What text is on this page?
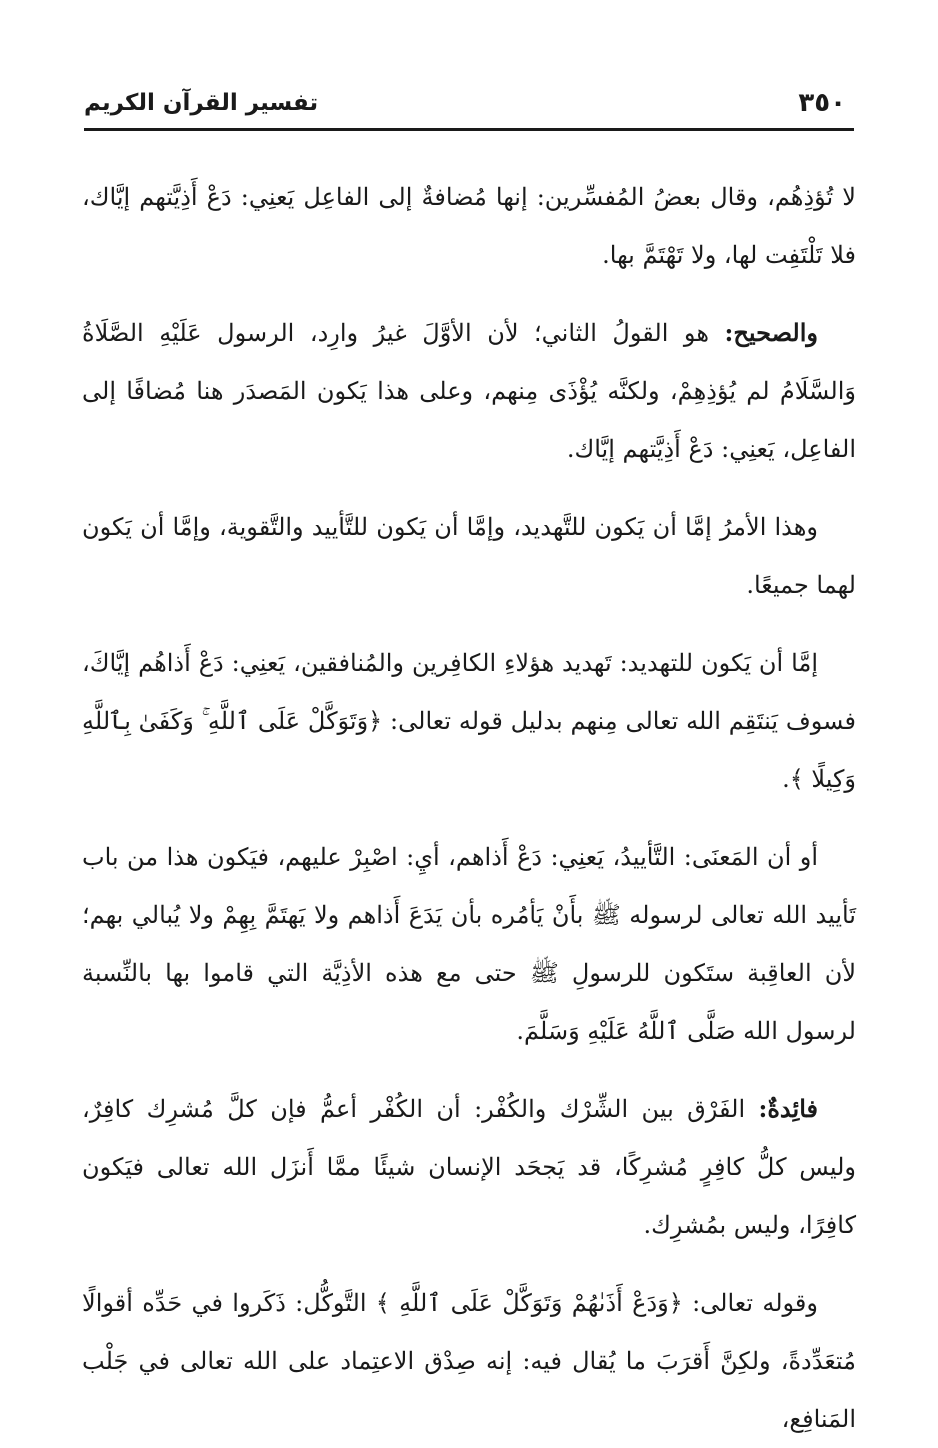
٣٥٠
تفسير القرآن الكريم

لا تُؤذِهُم، وقال بعضُ المُفسِّرين: إنها مُضافةٌ إلى الفاعِل يَعنِي: دَعْ أَذِيَّتهم إيَّاك، فلا تَلْتَفِت لها، ولا تَهْتَمَّ بها.

والصحيح: هو القولُ الثاني؛ لأن الأوَّلَ غيرُ وارِد، الرسول عَلَيْهِ الصَّلَاةُ وَالسَّلَامُ لم يُؤذِهِمْ، ولكنَّه يُؤْذَى مِنهم، وعلى هذا يَكون المَصدَر هنا مُضافًا إلى الفاعِل، يَعنِي: دَعْ أَذِيَّتهم إيَّاك.

وهذا الأمرُ إمَّا أن يَكون للتَّهديد، وإمَّا أن يَكون للتَّأييد والتَّقوية، وإمَّا أن يَكون لهما جميعًا.

إمَّا أن يَكون للتهديد: تَهديد هؤلاءِ الكافِرين والمُنافقين، يَعنِي: دَعْ أَذاهُم إيَّاكَ، فسوف يَنتَقِم الله تعالى مِنهم بدليل قوله تعالى: ﴿وَتَوَكَّلْ عَلَى ٱللَّهِ ۚ وَكَفَىٰ بِٱللَّهِ وَكِيلًا ﴾.

أو أن المَعنَى: التَّأييدُ، يَعنِي: دَعْ أَذاهم، أيِ: اصْبِرْ عليهم، فيَكون هذا من باب تَأييد الله تعالى لرسوله ﷺ بأَنْ يَأمُره بأن يَدَعَ أَذاهم ولا يَهتَمَّ بِهِمْ ولا يُبالي بهم؛ لأن العاقِبة ستَكون للرسولِ ﷺ حتى مع هذه الأذِيَّة التي قاموا بها بالنِّسبة لرسول الله صَلَّى ٱللَّهُ عَلَيْهِ وَسَلَّمَ.

فائِدةٌ: الفَرْق بين الشِّرْك والكُفْر: أن الكُفْر أعمُّ فإن كلَّ مُشرِك كافِرٌ، وليس كلُّ كافِرٍ مُشرِكًا، قد يَجحَد الإنسان شيئًا ممَّا أَنزَل الله تعالى فيَكون كافِرًا، وليس بمُشرِك.

وقوله تعالى: ﴿وَدَعْ أَذَىٰهُمْ وَتَوَكَّلْ عَلَى ٱللَّهِ ﴾ التَّوكُّل: ذَكَروا في حَدِّه أقوالًا مُتعَدِّدةً، ولكِنَّ أَقرَبَ ما يُقال فيه: إنه صِدْق الاعتِماد على الله تعالى في جَلْب المَنافِع،
